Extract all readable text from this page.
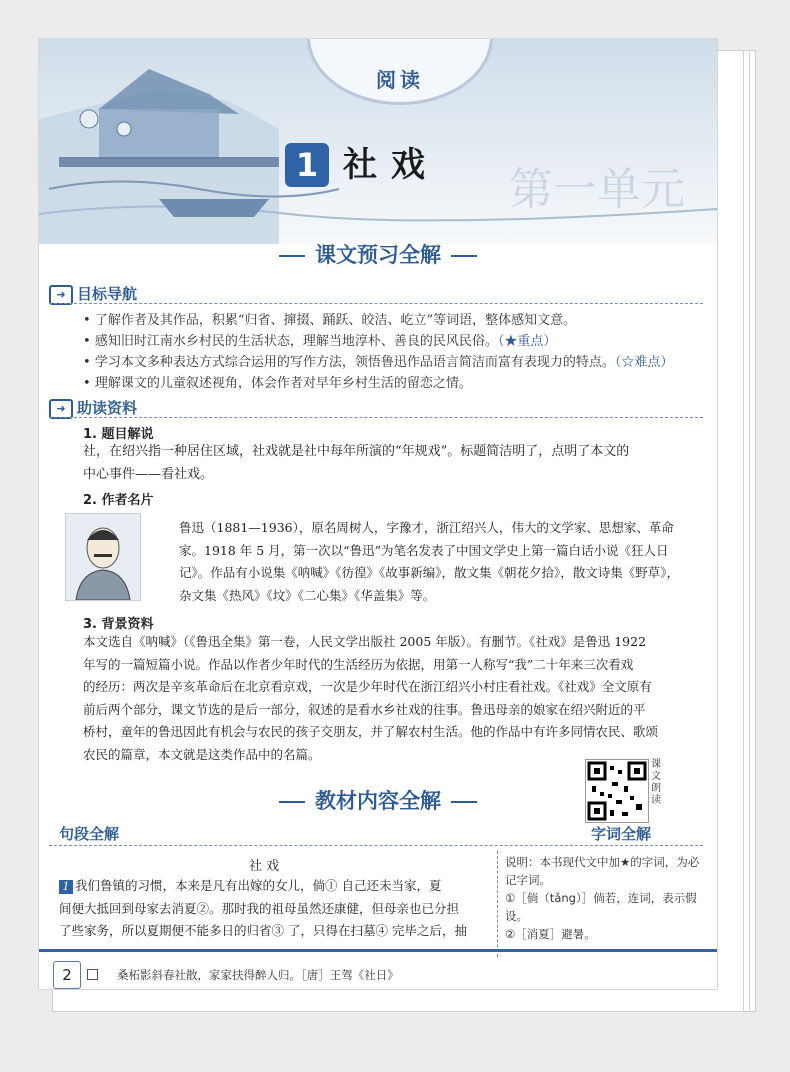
第一单元
阅读
1 社戏
课文预习全解
➜ 目标导航
• 了解作者及其作品，积累“归省、撺掇、踊跃、皎洁、屹立”等词语，整体感知文意。
• 感知旧时江南水乡村民的生活状态，理解当地淳朴、善良的民风民俗。（★重点）
• 学习本文多种表达方式综合运用的写作方法，领悟鲁迅作品语言简洁而富有表现力的特点。（☆难点）
• 理解课文的儿童叙述视角，体会作者对早年乡村生活的留恋之情。
➜ 助读资料
1. 题目解说
社，在绍兴指一种居住区域，社戏就是社中每年所演的“年规戏”。标题简洁明了，点明了本文的
中心事件——看社戏。
2. 作者名片
鲁迅（1881—1936），原名周树人，字豫才，浙江绍兴人，伟大的文学家、思想家、革命
家。1918 年 5 月，第一次以“鲁迅”为笔名发表了中国文学史上第一篇白话小说《狂人日
记》。作品有小说集《呐喊》《彷徨》《故事新编》，散文集《朝花夕拾》，散文诗集《野草》，
杂文集《热风》《坟》《二心集》《华盖集》等。
3. 背景资料
本文选自《呐喊》（《鲁迅全集》第一卷，人民文学出版社 2005 年版）。有删节。《社戏》是鲁迅 1922
年写的一篇短篇小说。作品以作者少年时代的生活经历为依据，用第一人称写“我”二十年来三次看戏
的经历：两次是辛亥革命后在北京看京戏，一次是少年时代在浙江绍兴小村庄看社戏。《社戏》全文原有
前后两个部分，课文节选的是后一部分，叙述的是看水乡社戏的往事。鲁迅母亲的娘家在绍兴附近的平
桥村，童年的鲁迅因此有机会与农民的孩子交朋友，并了解农村生活。他的作品中有许多同情农民、歌颂
农民的篇章，本文就是这类作品中的名篇。
课文朗读
教材内容全解
句段全解	字词全解
社 戏
1 我们鲁镇的习惯，本来是凡有出嫁的女儿，倘① 自己还未当家，夏
间便大抵回到母家去消夏②。那时我的祖母虽然还康健，但母亲也已分担
了些家务，所以夏期便不能多日的归省③ 了，只得在扫墓④ 完毕之后，抽
说明：本书现代文中加★的字词，为必记字词。
①［倘（tǎng）］倘若，连词，表示假设。
②［消夏］避暑。
2	桑柘影斜春社散，家家扶得醉人归。［唐］王驾《社日》
